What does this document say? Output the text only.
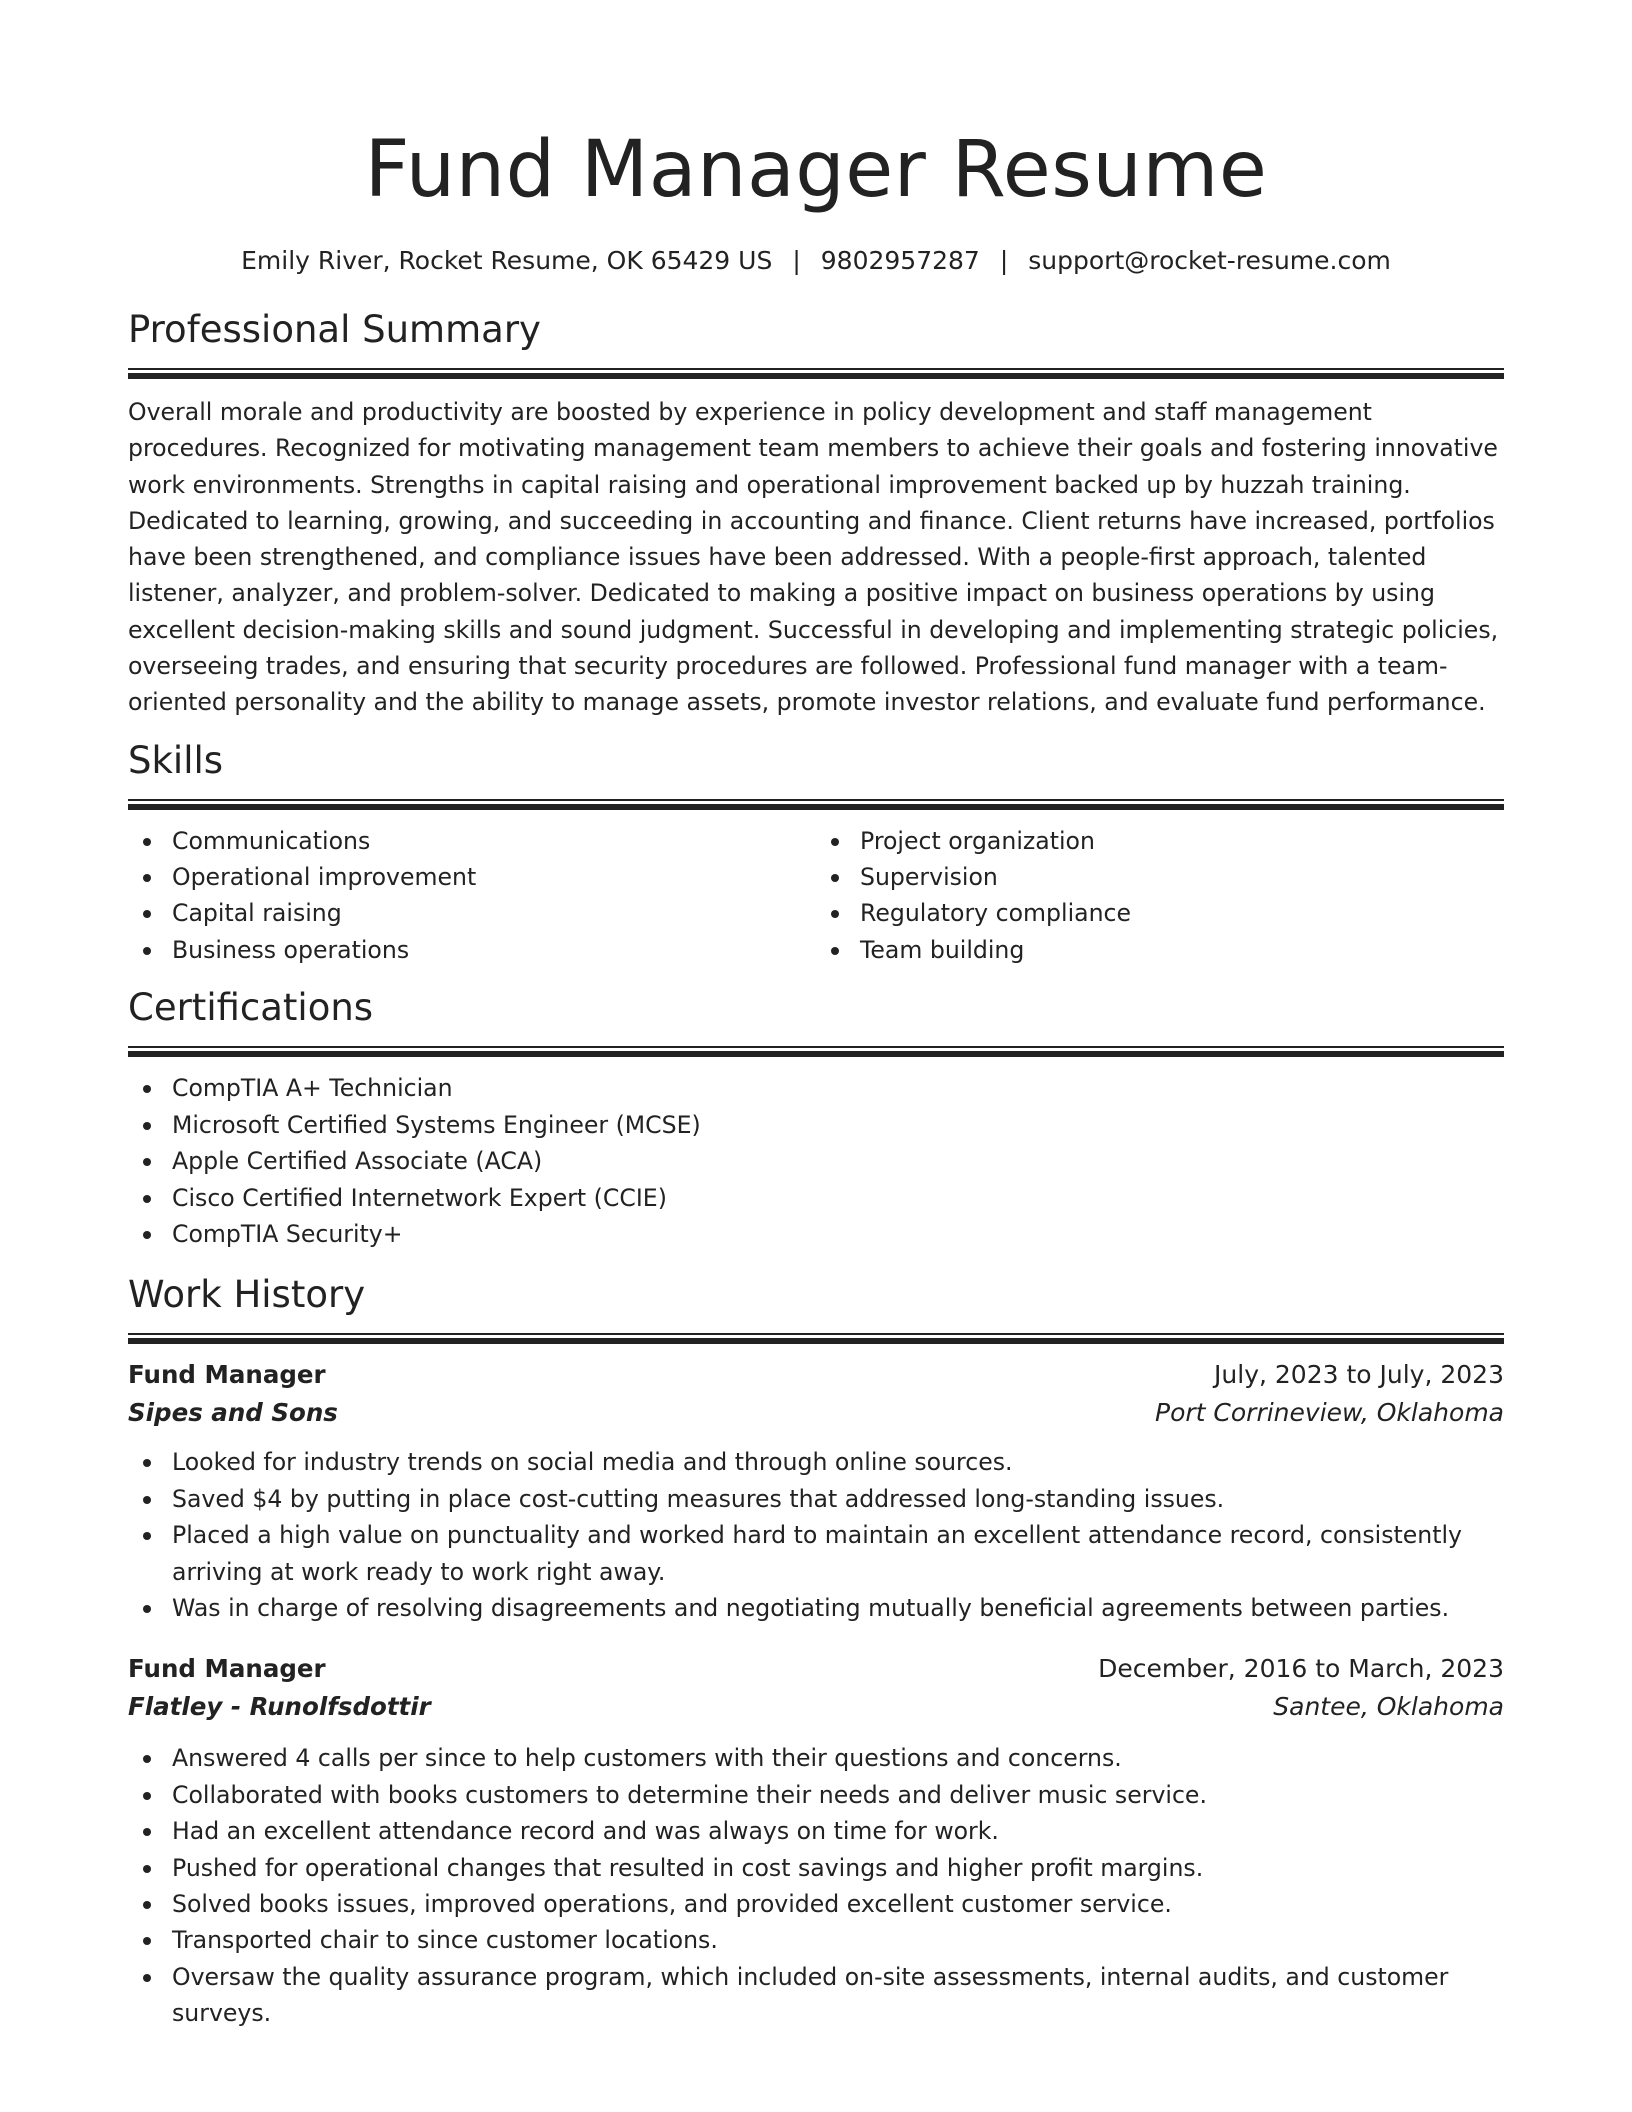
Fund Manager Resume
Emily River, Rocket Resume, OK 65429 US | 9802957287 | support@rocket-resume.com
Professional Summary

Overall morale and productivity are boosted by experience in policy development and staff management procedures. Recognized for motivating management team members to achieve their goals and fostering innovative work environments. Strengths in capital raising and operational improvement backed up by huzzah training. Dedicated to learning, growing, and succeeding in accounting and finance. Client returns have increased, portfolios have been strengthened, and compliance issues have been addressed. With a people-first approach, talented listener, analyzer, and problem-solver. Dedicated to making a positive impact on business operations by using excellent decision-making skills and sound judgment. Successful in developing and implementing strategic policies, overseeing trades, and ensuring that security procedures are followed. Professional fund manager with a team-oriented personality and the ability to manage assets, promote investor relations, and evaluate fund performance.

Skills
Communications
Operational improvement
Capital raising
Business operations
Project organization
Supervision
Regulatory compliance
Team building
Certifications
CompTIA A+ Technician
Microsoft Certified Systems Engineer (MCSE)
Apple Certified Associate (ACA)
Cisco Certified Internetwork Expert (CCIE)
CompTIA Security+
Work History
Fund Manager	July, 2023 to July, 2023
Sipes and Sons	Port Corrineview, Oklahoma
Looked for industry trends on social media and through online sources.
Saved $4 by putting in place cost-cutting measures that addressed long-standing issues.
Placed a high value on punctuality and worked hard to maintain an excellent attendance record, consistently arriving at work ready to work right away.
Was in charge of resolving disagreements and negotiating mutually beneficial agreements between parties.
Fund Manager	December, 2016 to March, 2023
Flatley - Runolfsdottir	Santee, Oklahoma
Answered 4 calls per since to help customers with their questions and concerns.
Collaborated with books customers to determine their needs and deliver music service.
Had an excellent attendance record and was always on time for work.
Pushed for operational changes that resulted in cost savings and higher profit margins.
Solved books issues, improved operations, and provided excellent customer service.
Transported chair to since customer locations.
Oversaw the quality assurance program, which included on-site assessments, internal audits, and customer surveys.
